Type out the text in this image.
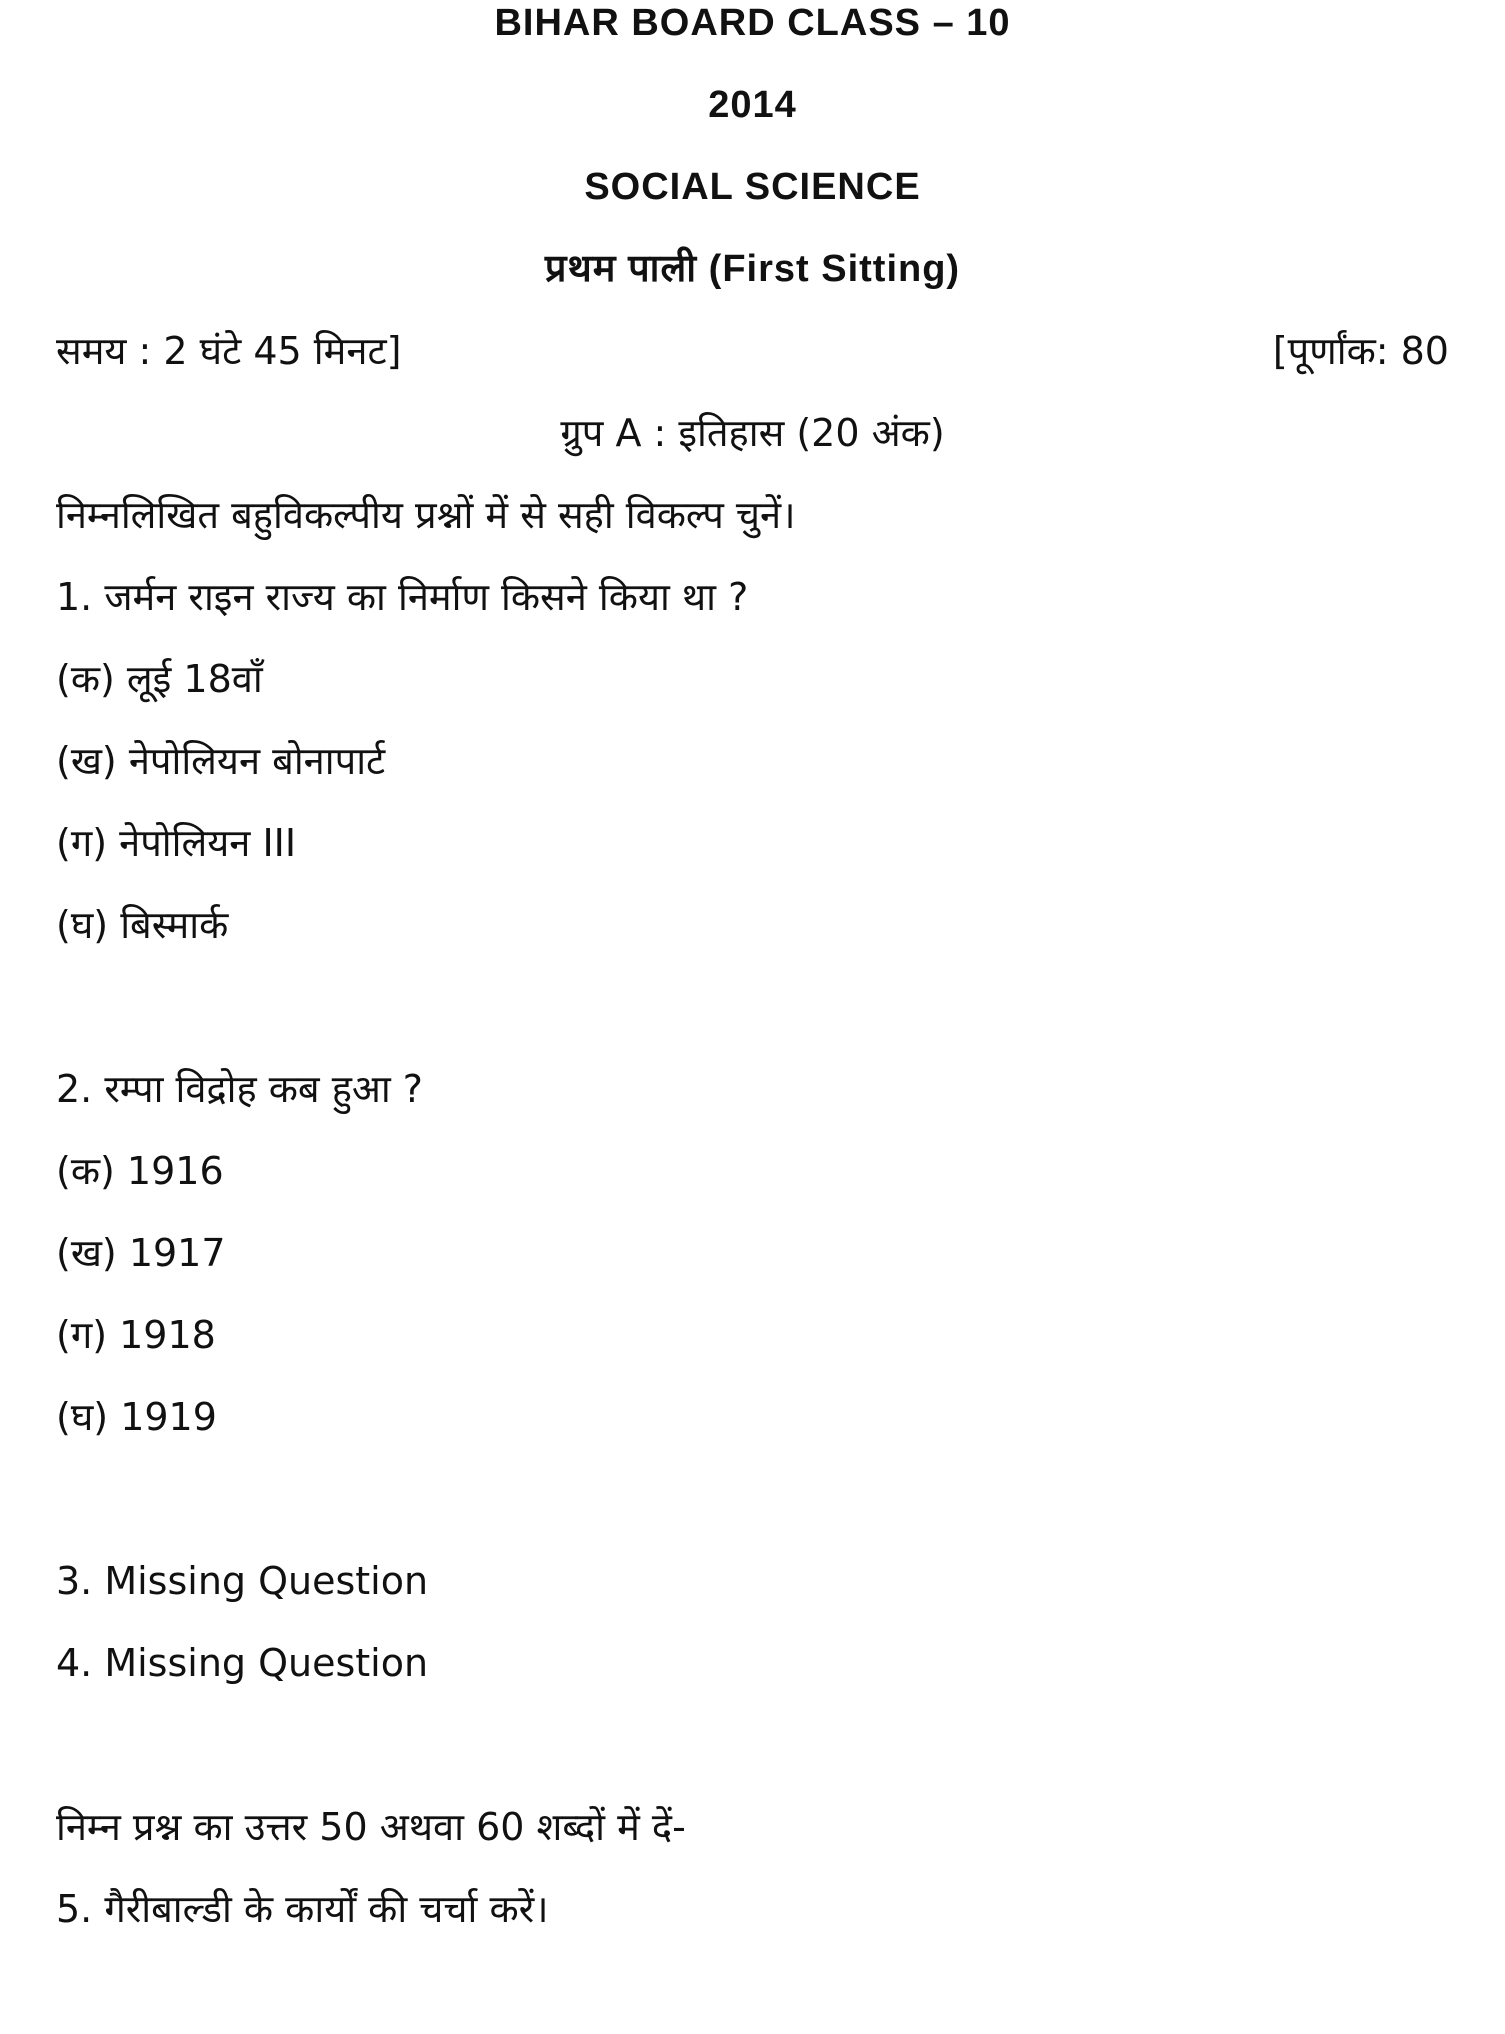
BIHAR BOARD CLASS – 10
2014
SOCIAL SCIENCE
प्रथम पाली (First Sitting)
समय : 2 घंटे 45 मिनट]	[पूर्णांक: 80
ग्रुप A : इतिहास (20 अंक)
निम्नलिखित बहुविकल्पीय प्रश्नों में से सही विकल्प चुनें।
1. जर्मन राइन राज्य का निर्माण किसने किया था ?
(क) लूई 18वाँ
(ख) नेपोलियन बोनापार्ट
(ग) नेपोलियन III
(घ) बिस्मार्क
2. रम्पा विद्रोह कब हुआ ?
(क) 1916
(ख) 1917
(ग) 1918
(घ) 1919
3. Missing Question
4. Missing Question
निम्न प्रश्न का उत्तर 50 अथवा 60 शब्दों में दें-
5. गैरीबाल्डी के कार्यों की चर्चा करें।
